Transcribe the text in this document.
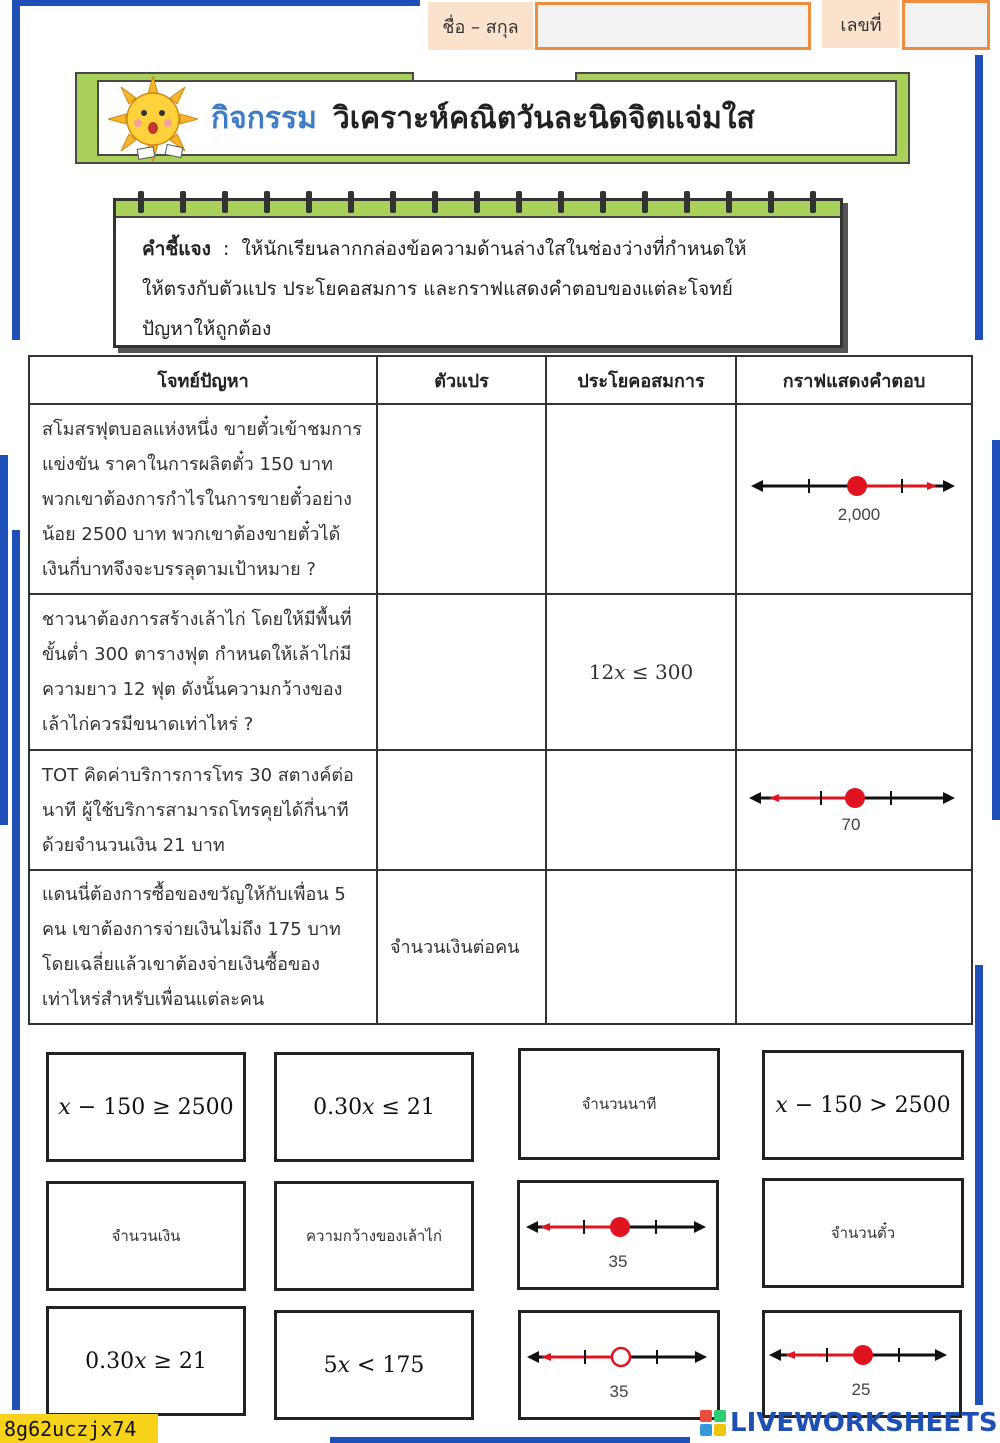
ชื่อ – สกุล	เลขที่
กิจกรรม วิเคราะห์คณิตวันละนิดจิตแจ่มใส
คำชี้แจง : ให้นักเรียนลากกล่องข้อความด้านล่างใสในช่องว่างที่กำหนดให้
ให้ตรงกับตัวแปร ประโยคอสมการ และกราฟแสดงคำตอบของแต่ละโจทย์
ปัญหาให้ถูกต้อง
โจทย์ปัญหา	ตัวแปร	ประโยคอสมการ	กราฟแสดงคำตอบ

สโมสรฟุตบอลแห่งหนึ่ง ขายตั๋วเข้าชมการ
แข่งขัน ราคาในการผลิตตั๋ว 150 บาท
พวกเขาต้องการกำไรในการขายตั๋วอย่าง
น้อย 2500 บาท พวกเขาต้องขายตั๋วได้
เงินกี่บาทจึงจะบรรลุตามเป้าหมาย ?			2,000

ชาวนาต้องการสร้างเล้าไก่ โดยให้มีพื้นที่
ขั้นต่ำ 300 ตารางฟุต กำหนดให้เล้าไก่มี
ความยาว 12 ฟุต ดังนั้นความกว้างของ
เล้าไก่ควรมีขนาดเท่าไหร่ ?		12x ≤ 300	

TOT คิดค่าบริการการโทร 30 สตางค์ต่อ
นาที ผู้ใช้บริการสามารถโทรคุยได้กี่นาที
ด้วยจำนวนเงิน 21 บาท			70

แดนนี่ต้องการซื้อของขวัญให้กับเพื่อน 5
คน เขาต้องการจ่ายเงินไม่ถึง 175 บาท
โดยเฉลี่ยแล้วเขาต้องจ่ายเงินซื้อของ
เท่าไหร่สำหรับเพื่อนแต่ละคน	จำนวนเงินต่อคน		
x − 150 ≥ 2500	0.30x ≤ 21	จำนวนนาที	x − 150 > 2500
จำนวนเงิน	ความกว้างของเล้าไก่
35
จำนวนตั๋ว
0.30x ≥ 21	5x < 175
35	25
8g62uczjx74	LIVEWORKSHEETS
